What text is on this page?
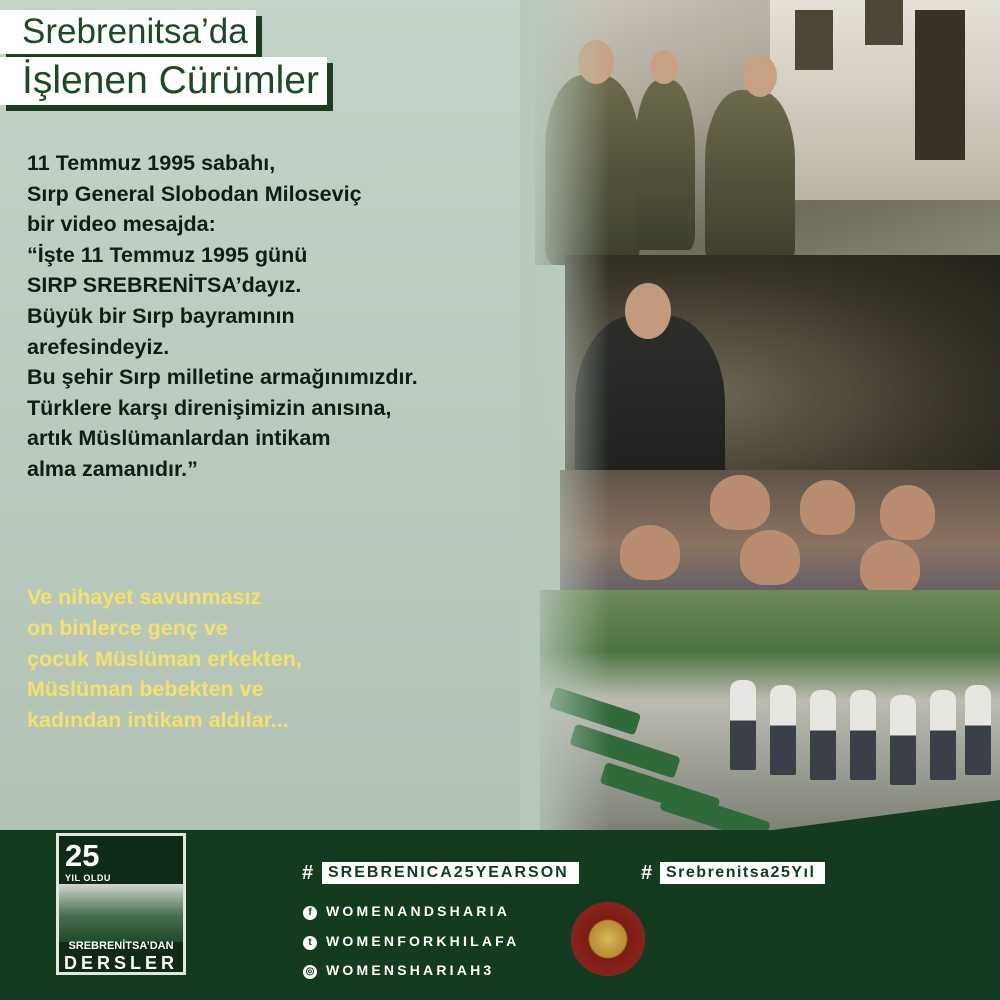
Srebrenitsa’da
İşlenen Cürümler
11 Temmuz 1995 sabahı,
Sırp General Slobodan Miloseviç
bir video mesajda:
“İşte 11 Temmuz 1995 günü
SIRP SREBRENİTSA’dayız.
Büyük bir Sırp bayramının
arefesindeyiz.
Bu şehir Sırp milletine armağınımızdır.
Türklere karşı direnişimizin anısına,
artık Müslümanlardan intikam
alma zamanıdır.”
Ve nihayet savunmasız
on binlerce genç ve
çocuk Müslüman erkekten,
Müslüman bebekten ve
kadından intikam aldılar...
25
YIL OLDU
SREBRENİTSA’DAN
DERSLER
# SREBRENICA25YEARSON	# Srebrenitsa25Yıl
f WOMENANDSHARIA
t WOMENFORKHILAFA
◎ WOMENSHARIAH3
